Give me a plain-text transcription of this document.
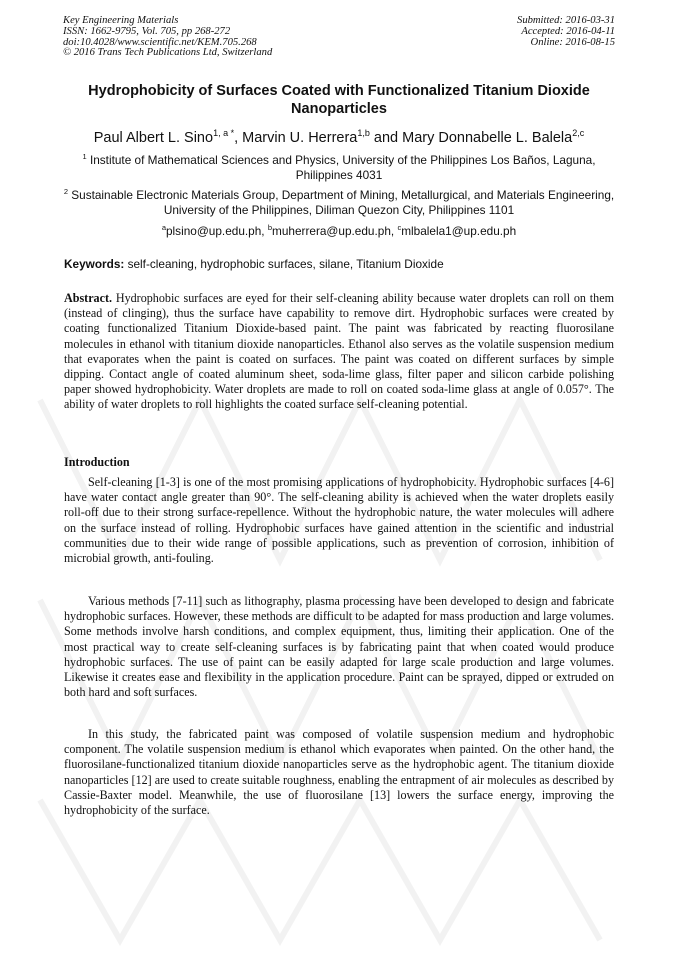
Key Engineering Materials
ISSN: 1662-9795, Vol. 705, pp 268-272
doi:10.4028/www.scientific.net/KEM.705.268
© 2016 Trans Tech Publications Ltd, Switzerland
Submitted: 2016-03-31
Accepted: 2016-04-11
Online: 2016-08-15
Hydrophobicity of Surfaces Coated with Functionalized Titanium Dioxide Nanoparticles
Paul Albert L. Sino$^{1, a *}$, Marvin U. Herrera$^{1,b}$ and Mary Donnabelle L. Balela$^{2,c}$
$^1$ Institute of Mathematical Sciences and Physics, University of the Philippines Los Baños, Laguna, Philippines 4031
$^2$ Sustainable Electronic Materials Group, Department of Mining, Metallurgical, and Materials Engineering, University of the Philippines, Diliman Quezon City, Philippines 1101
$^a$plsino@up.edu.ph, $^b$muherrera@up.edu.ph, $^c$mlbalela1@up.edu.ph
Keywords: self-cleaning, hydrophobic surfaces, silane, Titanium Dioxide
Abstract. Hydrophobic surfaces are eyed for their self-cleaning ability because water droplets can roll on them (instead of clinging), thus the surface have capability to remove dirt. Hydrophobic surfaces were created by coating functionalized Titanium Dioxide-based paint. The paint was fabricated by reacting fluorosilane molecules in ethanol with titanium dioxide nanoparticles. Ethanol also serves as the volatile suspension medium that evaporates when the paint is coated on surfaces. The paint was coated on different surfaces by simple dipping. Contact angle of coated aluminum sheet, soda-lime glass, filter paper and silicon carbide polishing paper showed hydrophobicity. Water droplets are made to roll on coated soda-lime glass at angle of 0.057°. The ability of water droplets to roll highlights the coated surface self-cleaning potential.
Introduction
Self-cleaning [1-3] is one of the most promising applications of hydrophobicity. Hydrophobic surfaces [4-6] have water contact angle greater than 90°. The self-cleaning ability is achieved when the water droplets easily roll-off due to their strong surface-repellence. Without the hydrophobic nature, the water molecules will adhere on the surface instead of rolling. Hydrophobic surfaces have gained attention in the scientific and industrial communities due to their wide range of possible applications, such as prevention of corrosion, inhibition of microbial growth, anti-fouling.
Various methods [7-11] such as lithography, plasma processing have been developed to design and fabricate hydrophobic surfaces. However, these methods are difficult to be adapted for mass production and large volumes. Some methods involve harsh conditions, and complex equipment, thus, limiting their application. One of the most practical way to create self-cleaning surfaces is by fabricating paint that when coated would produce hydrophobic surfaces. The use of paint can be easily adapted for large scale production and large volumes. Likewise it creates ease and flexibility in the application procedure. Paint can be sprayed, dipped or extruded on both hard and soft surfaces.
In this study, the fabricated paint was composed of volatile suspension medium and hydrophobic component. The volatile suspension medium is ethanol which evaporates when painted. On the other hand, the fluorosilane-functionalized titanium dioxide nanoparticles serve as the hydrophobic agent. The titanium dioxide nanoparticles [12] are used to create suitable roughness, enabling the entrapment of air molecules as described by Cassie-Baxter model. Meanwhile, the use of fluorosilane [13] lowers the surface energy, improving the hydrophobicity of the surface.
